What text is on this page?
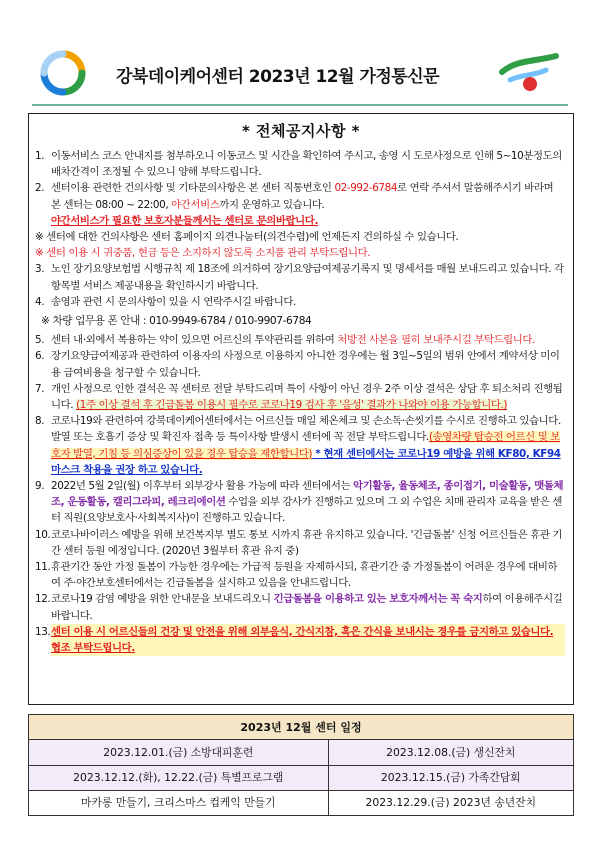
강북데이케어센터 2023년 12월 가정통신문
* 전체공지사항 *
1. 이동서비스 코스 안내지를 첨부하오니 이동코스 및 시간을 확인하여 주시고, 송영 시 도로사정으로 인해 5~10분정도의 배차간격이 조정될 수 있으니 양해 부탁드립니다.
2. 센터이용 관련한 건의사항 및 기타문의사항은 본 센터 직통번호인 02-992-6784로 연락 주셔서 말씀해주시기 바라며 본 센터는 08:00 ~ 22:00, 야간서비스까지 운영하고 있습니다.
야간서비스가 필요한 보호자분들께서는 센터로 문의바랍니다.
※ 센터에 대한 건의사항은 센터 홈페이지 의견나눔터(의견수렴)에 언제든지 건의하실 수 있습니다.
※ 센터 이용 시 귀중품, 현금 등은 소지하지 않도록 소지품 관리 부탁드립니다.
3. 노인 장기요양보험법 시행규칙 제 18조에 의거하여 장기요양급여제공기록지 및 명세서를 매월 보내드리고 있습니다. 각 항목별 서비스 제공내용을 확인하시기 바랍니다.
4. 송영과 관련 시 문의사항이 있을 시 연락주시길 바랍니다.
※ 차량 업무용 폰 안내 : 010-9949-6784 / 010-9907-6784
5. 센터 내·외에서 복용하는 약이 있으면 어르신의 투약관리를 위하여 처방전 사본을 필히 보내주시길 부탁드립니다.
6. 장기요양급여제공과 관련하여 이용자의 사정으로 이용하지 아니한 경우에는 월 3일~5일의 범위 안에서 계약서상 미이용 급여비용을 청구할 수 있습니다.
7. 개인 사정으로 인한 결석은 꼭 센터로 전달 부탁드리며 특이 사항이 아닌 경우 2주 이상 결석은 상담 후 퇴소처리 진행됩니다. (1주 이상 결석 후 긴급돌봄 이용시 필수로 코로나19 검사 후 '음성' 결과가 나와야 이용 가능합니다.)
8. 코로나19와 관련하여 강북데이케어센터에서는 어르신들 매일 체온체크 및 손소독·손씻기를 수시로 진행하고 있습니다. 발열 또는 호흡기 증상 및 확진자 접촉 등 특이사항 발생시 센터에 꼭 전달 부탁드립니다.(송영차량 탑승전 어르신 및 보호자 발열, 기침 등 의심증상이 있을 경우 탑승을 제한합니다) * 현재 센터에서는 코로나19 예방을 위해 KF80, KF94 마스크 착용을 권장 하고 있습니다.
9. 2022년 5월 2일(월) 이후부터 외부강사 활용 가능에 따라 센터에서는 악기활동, 율동체조, 종이접기, 미술활동, 맷돌체조, 운동활동, 캘리그라피, 레크리에이션 수업을 외부 강사가 진행하고 있으며 그 외 수업은 치매 관리자 교육을 받은 센터 직원(요양보호사·사회복지사)이 진행하고 있습니다.
10. 코로나바이러스 예방을 위해 보건복지부 별도 통보 시까지 휴관 유지하고 있습니다. '긴급돌봄' 신청 어르신들은 휴관 기간 센터 등원 예정입니다. (2020년 3월부터 휴관 유지 중)
11. 휴관기간 동안 가정 돌봄이 가능한 경우에는 가급적 등원을 자제하시되, 휴관기간 중 가정돌봄이 어려운 경우에 대비하여 주·야간보호센터에서는 긴급돌봄을 실시하고 있음을 안내드립니다.
12. 코로나19 감염 예방을 위한 안내문을 보내드리오니 긴급돌봄을 이용하고 있는 보호자께서는 꼭 숙지하여 이용해주시길 바랍니다.
13. 센터 이용 시 어르신들의 건강 및 안전을 위해 외부음식, 간식지참, 혹은 간식을 보내시는 경우를 금지하고 있습니다. 협조 부탁드립니다.
2023년 12월 센터 일정	
2023.12.01.(금) 소방대피훈련	2023.12.08.(금) 생신잔치
2023.12.12.(화), 12.22.(금) 특별프로그램	2023.12.15.(금) 가족간담회
마카롱 만들기, 크리스마스 컵케익 만들기	2023.12.29.(금) 2023년 송년잔치
